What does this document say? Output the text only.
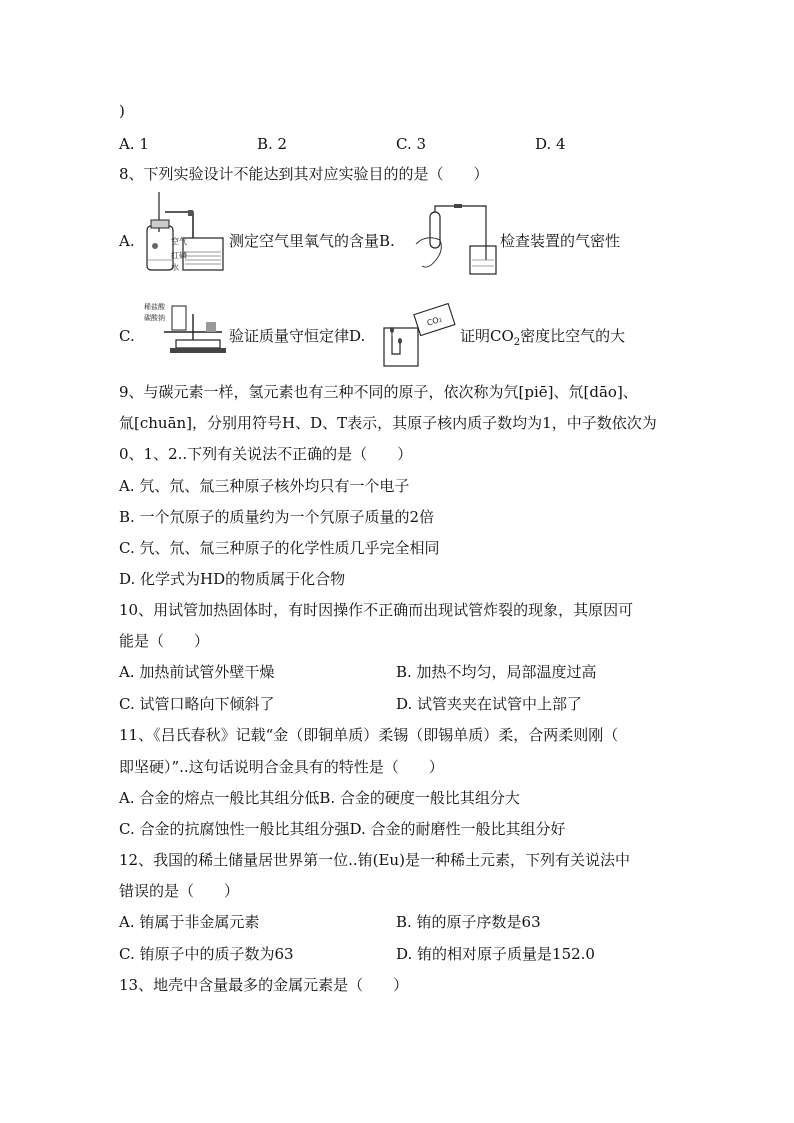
)
A. 1	B. 2	C. 3	D. 4
8、下列实验设计不能达到其对应实验目的的是（　　）
A.	空气
红磷
水
测定空气里氧气的含量B.	检查装置的气密性
C.
稀盐酸
碳酸钠
验证质量守恒定律D.
CO₂
证明$CO_2$密度比空气的大
9、与碳元素一样，氢元素也有三种不同的原子，依次称为氕[piē]、氘[dāo]、
氚[chuān]，分别用符号H、D、T表示，其原子核内质子数均为1，中子数依次为
0、1、2..下列有关说法不正确的是（　　）
A. 氕、氘、氚三种原子核外均只有一个电子
B. 一个氘原子的质量约为一个氕原子质量的2倍
C. 氕、氘、氚三种原子的化学性质几乎完全相同
D. 化学式为HD的物质属于化合物
10、用试管加热固体时，有时因操作不正确而出现试管炸裂的现象，其原因可
能是（　　）
A. 加热前试管外壁干燥	B. 加热不均匀，局部温度过高
C. 试管口略向下倾斜了	D. 试管夹夹在试管中上部了
11、《吕氏春秋》记载“金（即铜单质）柔锡（即锡单质）柔，合两柔则刚（
即坚硬）”..这句话说明合金具有的特性是（　　）
A. 合金的熔点一般比其组分低B. 合金的硬度一般比其组分大
C. 合金的抗腐蚀性一般比其组分强D. 合金的耐磨性一般比其组分好
12、我国的稀土储量居世界第一位..铕(Eu)是一种稀土元素，下列有关说法中
错误的是（　　）
A. 铕属于非金属元素	B. 铕的原子序数是63
C. 铕原子中的质子数为63	D. 铕的相对原子质量是152.0
13、地壳中含量最多的金属元素是（　　）
